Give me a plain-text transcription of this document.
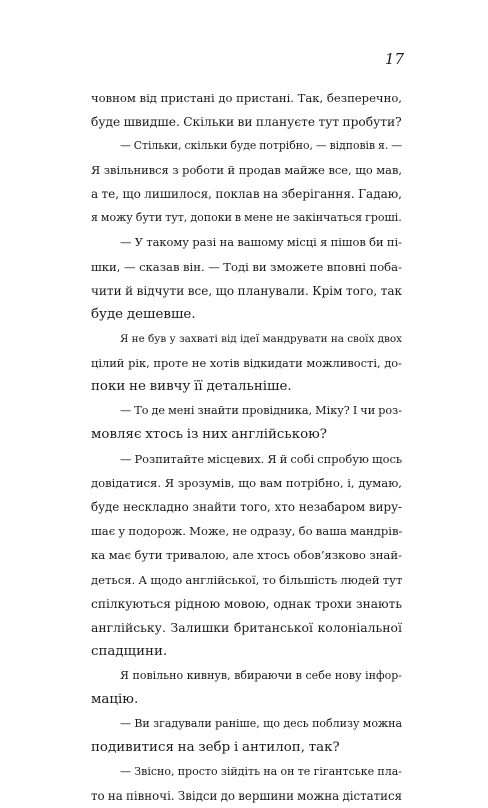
17
човном від пристані до пристані. Так, безперечно,
буде швидше. Скільки ви плануєте тут пробути?
— Стільки, скільки буде потрібно, — відповів я. —
Я звільнився з роботи й продав майже все, що мав,
а те, що лишилося, поклав на зберігання. Гадаю,
я можу бути тут, допоки в мене не закінчаться гроші.
— У такому разі на вашому місці я пішов би пі-
шки, — сказав він. — Тоді ви зможете вповні поба-
чити й відчути все, що планували. Крім того, так
буде дешевше.
Я не був у захваті від ідеї мандрувати на своїх двох
цілий рік, проте не хотів відкидати можливості, до-
поки не вивчу її детальніше.
— То де мені знайти провідника, Міку? І чи роз-
мовляє хтось із них англійською?
— Розпитайте місцевих. Я й собі спробую щось
довідатися. Я зрозумів, що вам потрібно, і, думаю,
буде нескладно знайти того, хто незабаром виру-
шає у подорож. Може, не одразу, бо ваша мандрів-
ка має бути тривалою, але хтось обов’язково знай-
деться. А щодо англійської, то більшість людей тут
спілкуються рідною мовою, однак трохи знають
англійську. Залишки британської колоніальної
спадщини.
Я повільно кивнув, вбираючи в себе нову інфор-
мацію.
— Ви згадували раніше, що десь поблизу можна
подивитися на зебр і антилоп, так?
— Звісно, просто зійдіть на он те гігантське пла-
то на півночі. Звідси до вершини можна дістатися
